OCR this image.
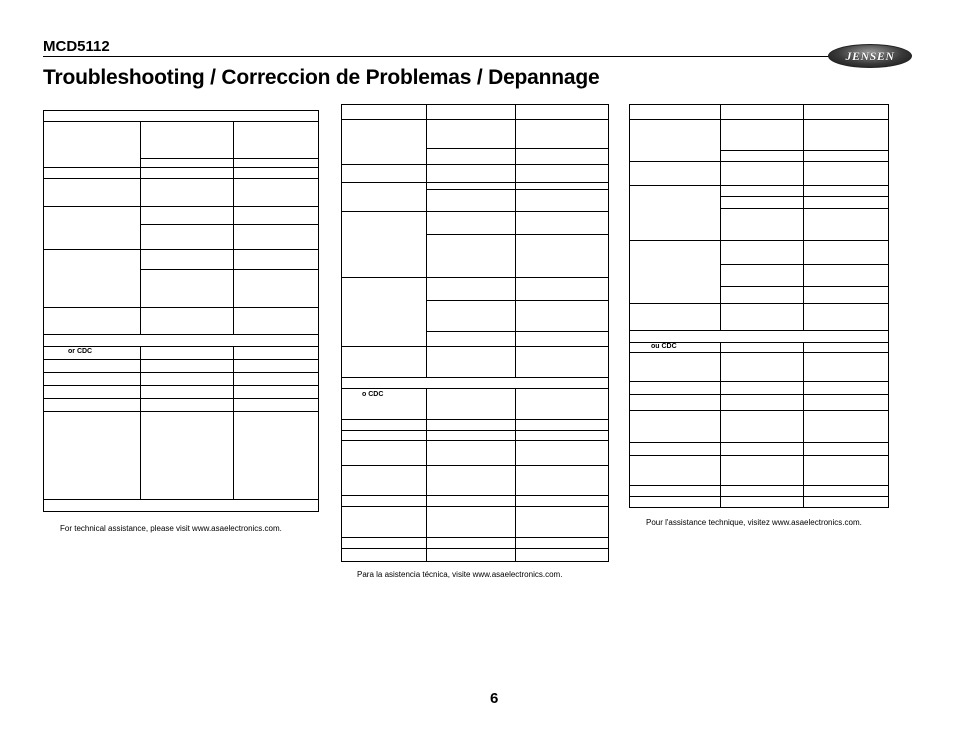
MCD5112
JENSEN
Troubleshooting / Correccion de Problemas / Depannage
or CDC
For technical assistance, please visit www.asaelectronics.com.
o CDC
Para la asistencia técnica, visite www.asaelectronics.com.
ou CDC
Pour l'assistance technique, visitez www.asaelectronics.com.
6
